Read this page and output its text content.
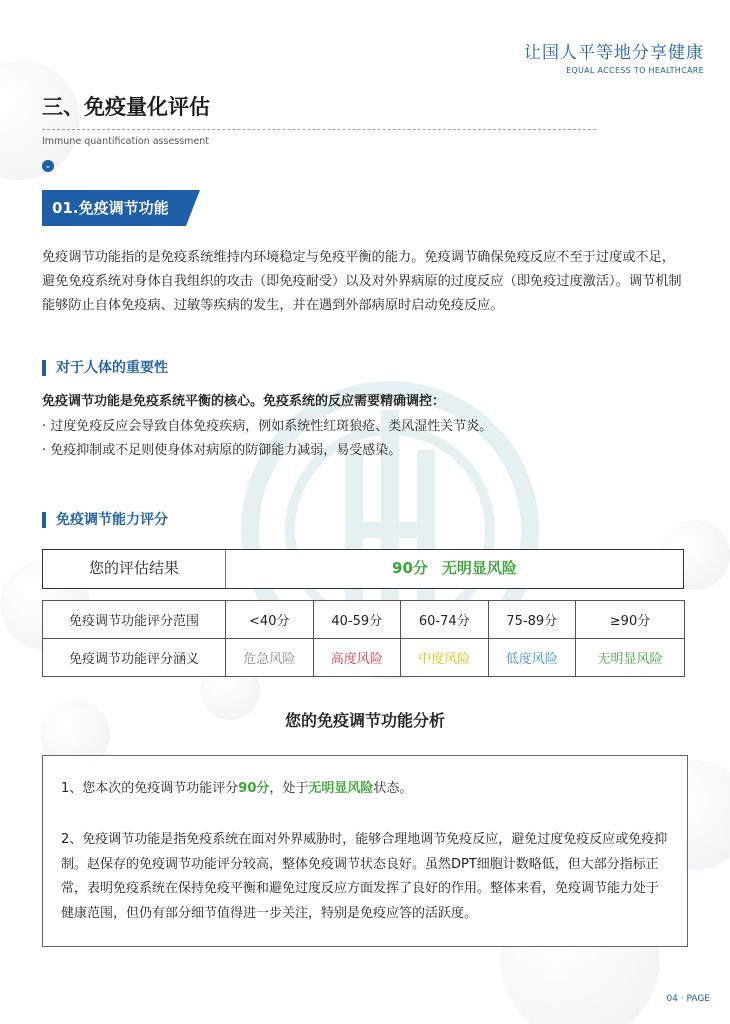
让国人平等地分享健康
EQUAL ACCESS TO HEALTHCARE
三、免疫量化评估
Immune quantification assessment
⌄
01.免疫调节功能
免疫调节功能指的是免疫系统维持内环境稳定与免疫平衡的能力。免疫调节确保免疫反应不至于过度或不足，避免免疫系统对身体自我组织的攻击（即免疫耐受）以及对外界病原的过度反应（即免疫过度激活）。调节机制能够防止自体免疫病、过敏等疾病的发生，并在遇到外部病原时启动免疫反应。
对于人体的重要性
免疫调节功能是免疫系统平衡的核心。免疫系统的反应需要精确调控：
· 过度免疫反应会导致自体免疫疾病，例如系统性红斑狼疮、类风湿性关节炎。
· 免疫抑制或不足则使身体对病原的防御能力减弱，易受感染。
免疫调节能力评分
您的评估结果	90分 无明显风险
免疫调节功能评分范围	<40分	40-59分	60-74分	75-89分	≥90分
免疫调节功能评分涵义	危急风险	高度风险	中度风险	低度风险	无明显风险
您的免疫调节功能分析
1、您本次的免疫调节功能评分90分，处于无明显风险状态。
2、免疫调节功能是指免疫系统在面对外界威胁时，能够合理地调节免疫反应，避免过度免疫反应或免疫抑制。赵保存的免疫调节功能评分较高，整体免疫调节状态良好。虽然DPT细胞计数略低，但大部分指标正常，表明免疫系统在保持免疫平衡和避免过度反应方面发挥了良好的作用。整体来看，免疫调节能力处于健康范围，但仍有部分细节值得进一步关注，特别是免疫应答的活跃度。
04 · PAGE
